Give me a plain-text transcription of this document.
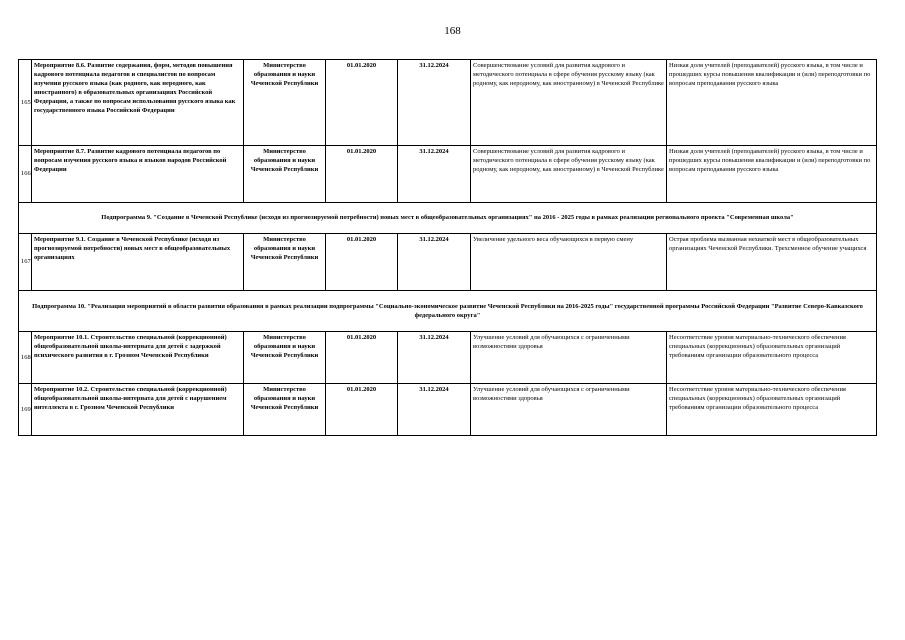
168
165	Мероприятие 8.6. Развитие содержания, форм, методов повышения кадрового потенциала педагогов и специалистов по вопросам изучения русского языка (как родного, как неродного, как иностранного) в образовательных организациях Российской Федерации, а также по вопросам использования русского языка как государственного языка Российской Федерации	Министерство образования и науки Чеченской Республики	01.01.2020	31.12.2024	Совершенствование условий для развития кадрового и методического потенциала в сфере обучения русскому языку (как родному, как неродному, как иностранному) в Чеченской Республике	Низкая доля учителей (преподавателей) русского языка, в том числе и прошедших курсы повышения квалификации и (или) переподготовки по вопросам преподавания русского языка
166	Мероприятие 8.7. Развитие кадрового потенциала педагогов по вопросам изучения русского языка и языков народов Российской Федерации	Министерство образования и науки Чеченской Республики	01.01.2020	31.12.2024	Совершенствование условий для развития кадрового и методического потенциала в сфере обучения русскому языку (как родному, как неродному, как иностранному) в Чеченской Республике	Низкая доля учителей (преподавателей) русского языка, в том числе и прошедших курсы повышения квалификации и (или) переподготовки по вопросам преподавания русского языка
Подпрограмма 9. "Создание в Чеченской Республике (исходя из прогнозируемой потребности) новых мест в общеобразовательных организациях" на 2016 - 2025 годы в рамках реализации регионального проекта "Современная школа"						
167	Мероприятие 9.1. Создание в Чеченской Республике (исходя из прогнозируемой потребности) новых мест в общеобразовательных организациях	Министерство образования и науки Чеченской Республики	01.01.2020	31.12.2024	Увеличение удельного веса обучающихся в первую смену	Острая проблема вызванная нехваткой мест в общеобразовательных организациях Чеченской Республики. Трехсменное обучение учащихся
Подпрограмма 10. "Реализация мероприятий в области развития образования в рамках реализации подпрограммы "Социально-экономическое развитие Чеченской Республики на 2016-2025 годы" государственной программы Российской Федерации "Развитие Северо-Кавказского федерального округа"						
168	Мероприятие 10.1. Строительство специальной (коррекционной) общеобразовательной школы-интерната для детей с задержкой психического развития в г. Грозном Чеченской Республики	Министерство образования и науки Чеченской Республики	01.01.2020	31.12.2024	Улучшение условий для обучающихся с ограниченными возможностями здоровья	Несоответствие уровня материально-технического обеспечения специальных (коррекционных) образовательных организаций требованиям организации образовательного процесса
169	Мероприятие 10.2. Строительство специальной (коррекционной) общеобразовательной школы-интерната для детей с нарушением интеллекта в г. Грозном Чеченской Республики	Министерство образования и науки Чеченской Республики	01.01.2020	31.12.2024	Улучшение условий для обучающихся с ограниченными возможностями здоровья	Несоответствие уровня материально-технического обеспечения специальных (коррекционных) образовательных организаций требованиям организации образовательного процесса
